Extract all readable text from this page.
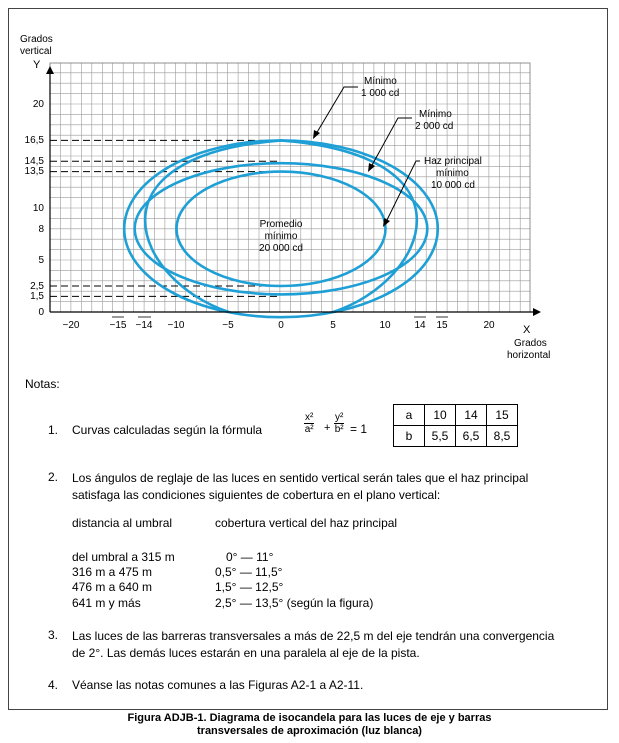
Grados
vertical
Y
X
Grados
horizontal
20
16,5
14,5
13,5
10
8
5
2,5
1,5
0
−20	−15 −14 −10	−5	0	5	10 14 15	20
Mínimo
1 000 cd
Mínimo
2 000 cd
Haz principal
mínimo
10 000 cd
Promedio
mínimo
20 000 cd
Notas:
1. Curvas calculadas según la fórmula	$\frac{\text{x²}}{\text{a²}} + \frac{\text{y²}}{\text{b²}} = 1$
a	10	14	15
b	5,5	6,5	8,5
2. Los ángulos de reglaje de las luces en sentido vertical serán tales que el haz principal satisfaga las condiciones siguientes de cobertura en el plano vertical:
distancia al umbral	cobertura vertical del haz principal
del umbral a 315 m	0° — 11°
316 m a 475 m	0,5° — 11,5°
476 m a 640 m	1,5° — 12,5°
641 m y más	2,5° — 13,5° (según la figura)
3. Las luces de las barreras transversales a más de 22,5 m del eje tendrán una convergencia de 2°. Las demás luces estarán en una paralela al eje de la pista.
4. Véanse las notas comunes a las Figuras A2-1 a A2-11.
Figura ADJB-1. Diagrama de isocandela para las luces de eje y barras
transversales de aproximación (luz blanca)
